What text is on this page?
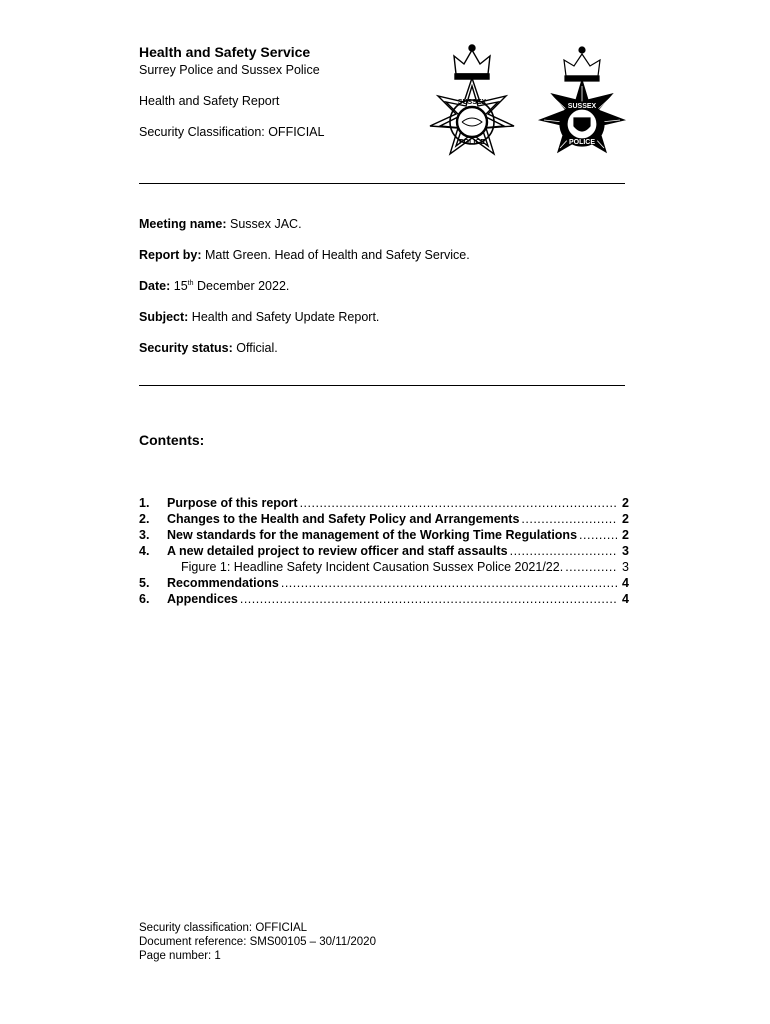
Health and Safety Service
Surrey Police and Sussex Police
Health and Safety Report
Security Classification: OFFICIAL
SUSSEX
POLICE
SUSSEX
POLICE
Meeting name: Sussex JAC.
Report by: Matt Green. Head of Health and Safety Service.
Date: 15th December 2022.
Subject: Health and Safety Update Report.
Security status: Official.
Contents:
1.	Purpose of this report .....	2
2.	Changes to the Health and Safety Policy and Arrangements .....	2
3.	New standards for the management of the Working Time Regulations .....	2
4.	A new detailed project to review officer and staff assaults .....	3
Figure 1: Headline Safety Incident Causation Sussex Police 2021/22. .....	3
5.	Recommendations .....	4
6.	Appendices .....	4
Security classification: OFFICIAL
Document reference: SMS00105 – 30/11/2020
Page number: 1
